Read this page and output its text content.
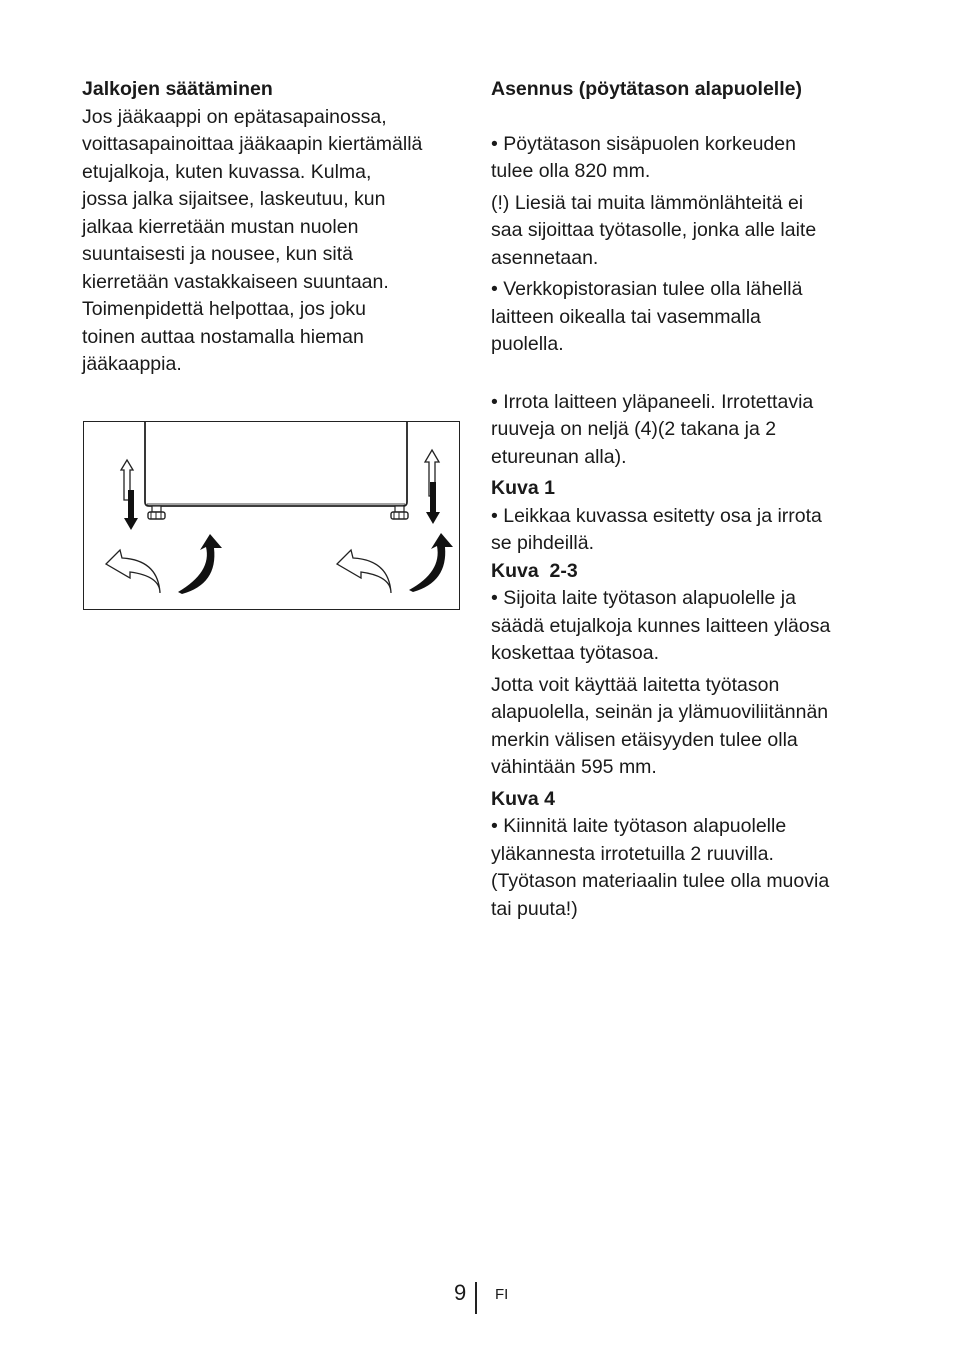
Jalkojen säätäminen

Jos jääkaappi on epätasapainossa,
voittasapainoittaa jääkaapin kiertämällä
etujalkoja, kuten kuvassa. Kulma,
jossa jalka sijaitsee, laskeutuu, kun
jalkaa kierretään mustan nuolen
suuntaisesti ja nousee, kun sitä
kierretään vastakkaiseen suuntaan.
Toimenpidettä helpottaa, jos joku
toinen auttaa nostamalla hieman
jääkaappia.

Asennus (pöytätason alapuolelle)

• Pöytätason sisäpuolen korkeuden
tulee olla 820 mm.

(!) Liesiä tai muita lämmönlähteitä ei
saa sijoittaa työtasolle, jonka alle laite
asennetaan.

• Verkkopistorasian tulee olla lähellä
laitteen oikealla tai vasemmalla
puolella.

• Irrota laitteen yläpaneeli. Irrotettavia
ruuveja on neljä (4)(2 takana ja 2
etureunan alla).

Kuva 1

• Leikkaa kuvassa esitetty osa ja irrota
se pihdeillä.

Kuva  2-3

• Sijoita laite työtason alapuolelle ja
säädä etujalkoja kunnes laitteen yläosa
koskettaa työtasoa.

Jotta voit käyttää laitetta työtason
alapuolella, seinän ja ylämuoviliitännän
merkin välisen etäisyyden tulee olla
vähintään 595 mm.

Kuva 4

• Kiinnitä laite työtason alapuolelle
yläkannesta irrotetuilla 2 ruuvilla.
(Työtason materiaalin tulee olla muovia
tai puuta!)

9 FI
